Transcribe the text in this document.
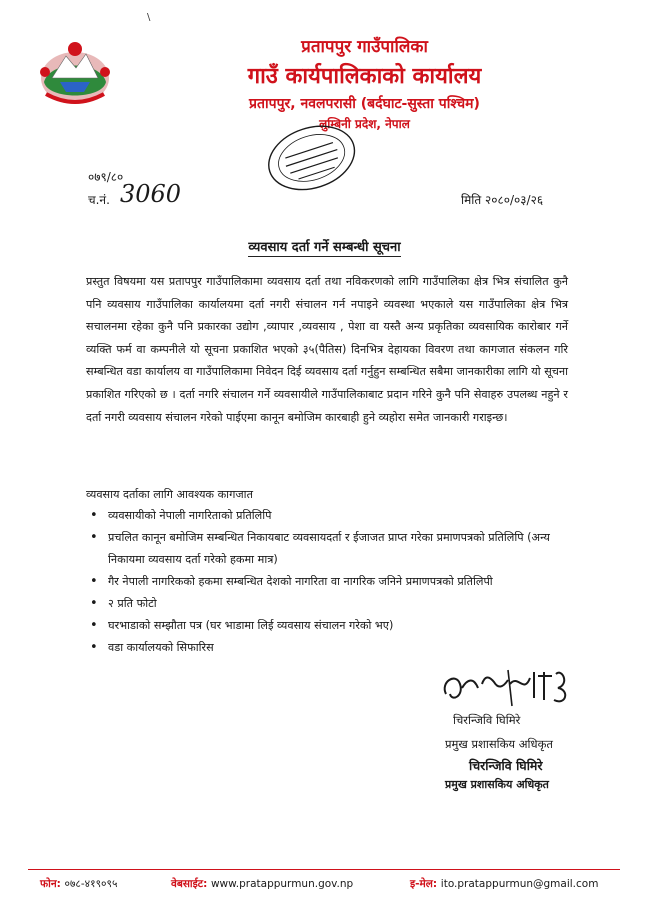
\
प्रतापपुर गाउँपालिका
गाउँ कार्यपालिकाको कार्यालय
प्रतापपुर, नवलपरासी (बर्दघाट-सुस्ता पश्चिम)
लुम्बिनी प्रदेश, नेपाल
०७९/८०
च.नं. 3060	मिति २०८०/०३/२६
व्यवसाय दर्ता गर्ने सम्बन्धी सूचना
प्रस्तुत विषयमा यस प्रतापपुर गाउँपालिकामा व्यवसाय दर्ता तथा नविकरणको लागि गाउँपालिका क्षेत्र भित्र संचालित कुनै पनि व्यवसाय गाउँपालिका कार्यालयमा दर्ता नगरी संचालन गर्न नपाइने व्यवस्था भएकाले यस गाउँपालिका क्षेत्र भित्र सचालनमा रहेका कुनै पनि प्रकारका उद्योग ,व्यापार ,व्यवसाय , पेशा वा यस्तै अन्य प्रकृतिका व्यवसायिक कारोबार गर्ने व्यक्ति फर्म वा कम्पनीले यो सूचना प्रकाशित भएको ३५(पैतिस) दिनभित्र देहायका विवरण तथा कागजात संकलन गरि सम्बन्धित वडा कार्यालय वा गाउँपालिकामा निवेदन दिई व्यवसाय दर्ता गर्नुहुन सम्बन्धित सबैमा जानकारीका लागि यो सूचना प्रकाशित गरिएको छ । दर्ता नगरि संचालन गर्ने व्यवसायीले गाउँपालिकाबाट प्रदान गरिने कुनै पनि सेवाहरु उपलब्ध नहुने र दर्ता नगरी व्यवसाय संचालन गरेको पाईएमा कानून बमोजिम कारबाही हुने व्यहोरा समेत जानकारी गराइन्छ।
व्यवसाय दर्ताका लागि आवश्यक कागजात
• व्यवसायीको नेपाली नागरिताको प्रतिलिपि
• प्रचलित कानून बमोजिम सम्बन्धित निकायबाट व्यवसायदर्ता र ईजाजत प्राप्त गरेका प्रमाणपत्रको प्रतिलिपि (अन्य निकायमा व्यवसाय दर्ता गरेको हकमा मात्र)
• गैर नेपाली नागरिकको हकमा सम्बन्धित देशको नागरिता वा नागरिक जनिने प्रमाणपत्रको प्रतिलिपी
• २ प्रति फोटो
• घरभाडाको सम्झौता पत्र (घर भाडामा लिई व्यवसाय संचालन गरेको भए)
• वडा कार्यालयको सिफारिस
चिरन्जिवि घिमिरे
प्रमुख प्रशासकिय अधिकृत
चिरन्जिवि घिमिरे
प्रमुख प्रशासकिय अधिकृत
फोन: ०७८-४१९०९५	वेबसाईट: www.pratappurmun.gov.np	इ-मेल: ito.pratappurmun@gmail.com
